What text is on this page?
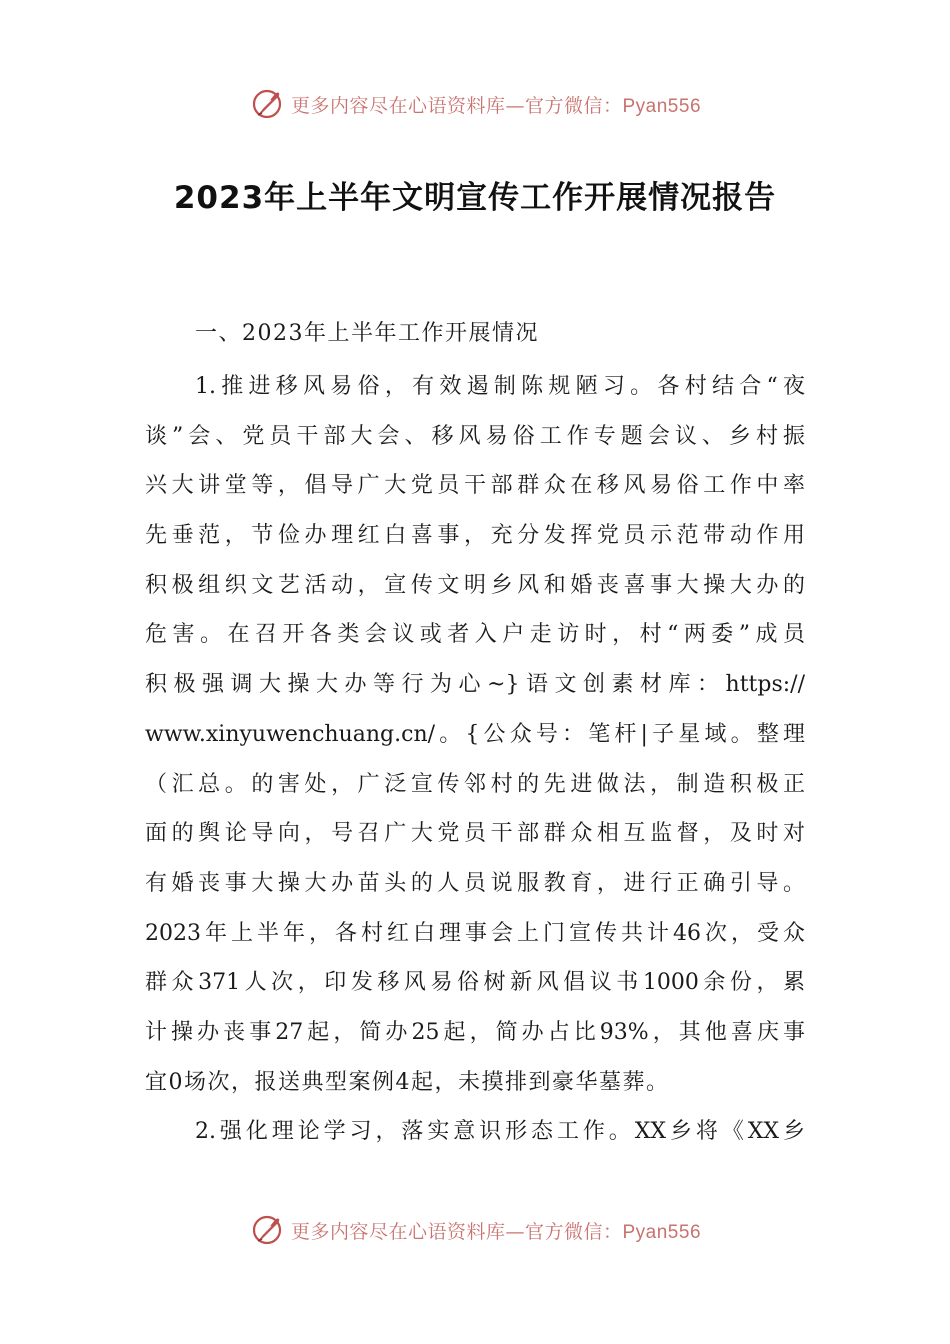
更多内容尽在心语资料库—官方微信：Pyan556
2023年上半年文明宣传工作开展情况报告

一、2023年上半年工作开展情况

1.推进移风易俗，有效遏制陈规陋习。各村结合“夜

谈”会、党员干部大会、移风易俗工作专题会议、乡村振

兴大讲堂等，倡导广大党员干部群众在移风易俗工作中率

先垂范，节俭办理红白喜事，充分发挥党员示范带动作用

积极组织文艺活动，宣传文明乡风和婚丧喜事大操大办的

危害。在召开各类会议或者入户走访时，村“两委”成员

积极强调大操大办等行为心~}语文创素材库：https://

www.xinyuwenchuang.cn/。{公众号：笔杆|子星域。整理

（汇总。的害处，广泛宣传邻村的先进做法，制造积极正

面的舆论导向，号召广大党员干部群众相互监督，及时对

有婚丧事大操大办苗头的人员说服教育，进行正确引导。

2023年上半年，各村红白理事会上门宣传共计46次，受众

群众371人次，印发移风易俗树新风倡议书1000余份，累

计操办丧事27起，简办25起，简办占比93%，其他喜庆事

宜0场次，报送典型案例4起，未摸排到豪华墓葬。

2.强化理论学习，落实意识形态工作。XX乡将《XX乡

更多内容尽在心语资料库—官方微信：Pyan556
